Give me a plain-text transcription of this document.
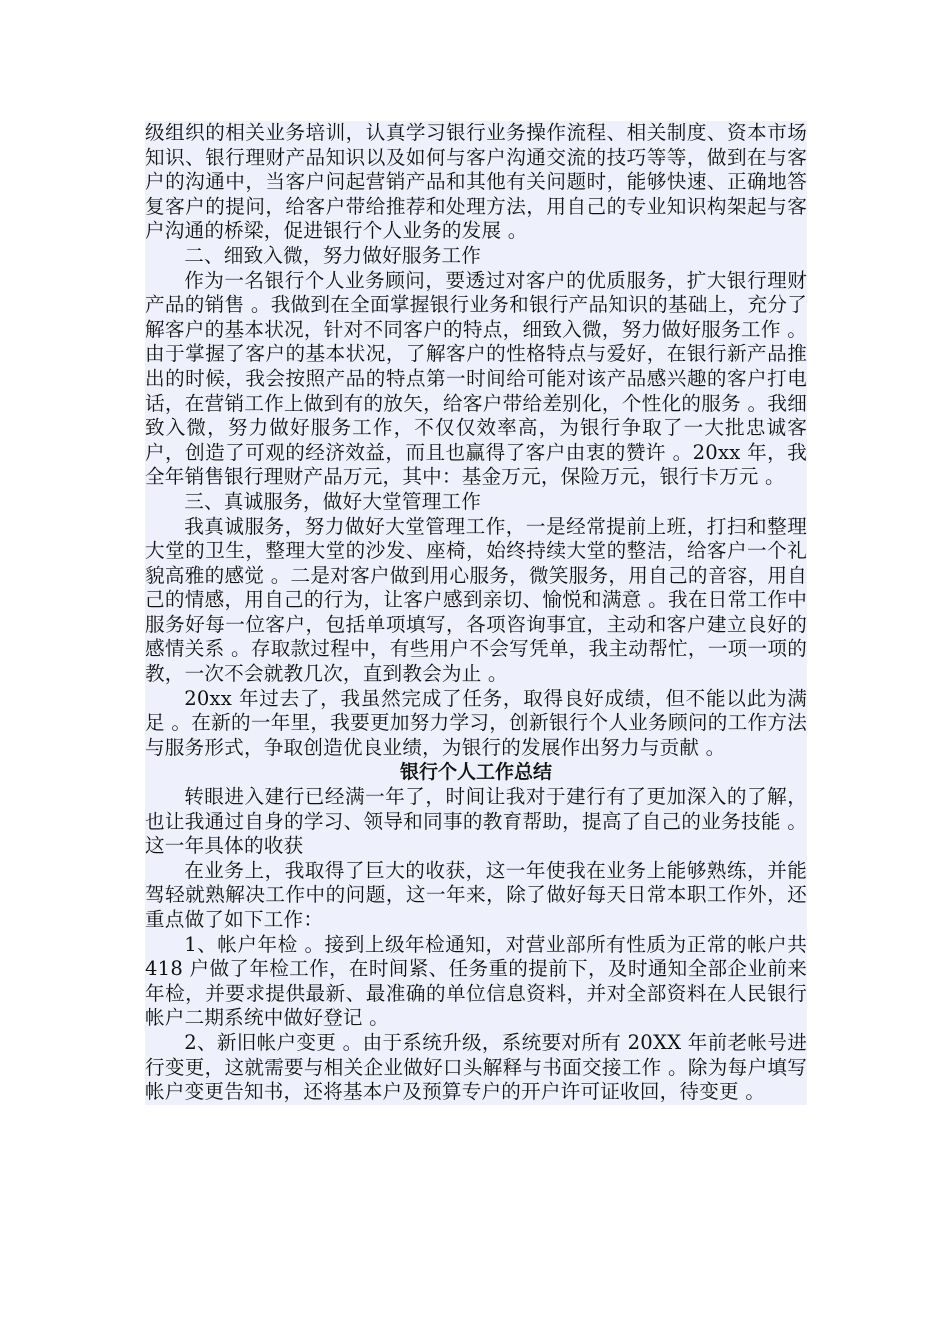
级组织的相关业务培训，认真学习银行业务操作流程、相关制度、资本市场知识、银行理财产品知识以及如何与客户沟通交流的技巧等等，做到在与客户的沟通中，当客户问起营销产品和其他有关问题时，能够快速、正确地答复客户的提问，给客户带给推荐和处理方法，用自己的专业知识构架起与客户沟通的桥梁，促进银行个人业务的发展 。

二、细致入微，努力做好服务工作

作为一名银行个人业务顾问，要透过对客户的优质服务，扩大银行理财产品的销售 。我做到在全面掌握银行业务和银行产品知识的基础上，充分了解客户的基本状况，针对不同客户的特点，细致入微，努力做好服务工作 。由于掌握了客户的基本状况，了解客户的性格特点与爱好，在银行新产品推出的时候，我会按照产品的特点第一时间给可能对该产品感兴趣的客户打电话，在营销工作上做到有的放矢，给客户带给差别化，个性化的服务 。我细致入微，努力做好服务工作，不仅仅效率高，为银行争取了一大批忠诚客户，创造了可观的经济效益，而且也赢得了客户由衷的赞许 。20xx 年，我全年销售银行理财产品万元，其中：基金万元，保险万元，银行卡万元 。

三、真诚服务，做好大堂管理工作

我真诚服务，努力做好大堂管理工作，一是经常提前上班，打扫和整理大堂的卫生，整理大堂的沙发、座椅，始终持续大堂的整洁，给客户一个礼貌高雅的感觉 。二是对客户做到用心服务，微笑服务，用自己的音容，用自己的情感，用自己的行为，让客户感到亲切、愉悦和满意 。我在日常工作中服务好每一位客户，包括单项填写，各项咨询事宜，主动和客户建立良好的感情关系 。存取款过程中，有些用户不会写凭单，我主动帮忙，一项一项的教，一次不会就教几次，直到教会为止 。

20xx 年过去了，我虽然完成了任务，取得良好成绩，但不能以此为满足 。在新的一年里，我要更加努力学习，创新银行个人业务顾问的工作方法与服务形式，争取创造优良业绩，为银行的发展作出努力与贡献 。

银行个人工作总结

转眼进入建行已经满一年了，时间让我对于建行有了更加深入的了解，也让我通过自身的学习、领导和同事的教育帮助，提高了自己的业务技能 。这一年具体的收获

在业务上，我取得了巨大的收获，这一年使我在业务上能够熟练，并能驾轻就熟解决工作中的问题，这一年来，除了做好每天日常本职工作外，还重点做了如下工作：

1、帐户年检 。接到上级年检通知，对营业部所有性质为正常的帐户共 418 户做了年检工作，在时间紧、任务重的提前下，及时通知全部企业前来年检，并要求提供最新、最准确的单位信息资料，并对全部资料在人民银行帐户二期系统中做好登记 。

2、新旧帐户变更 。由于系统升级，系统要对所有 20XX 年前老帐号进行变更，这就需要与相关企业做好口头解释与书面交接工作 。除为每户填写帐户变更告知书，还将基本户及预算专户的开户许可证收回，待变更 。
